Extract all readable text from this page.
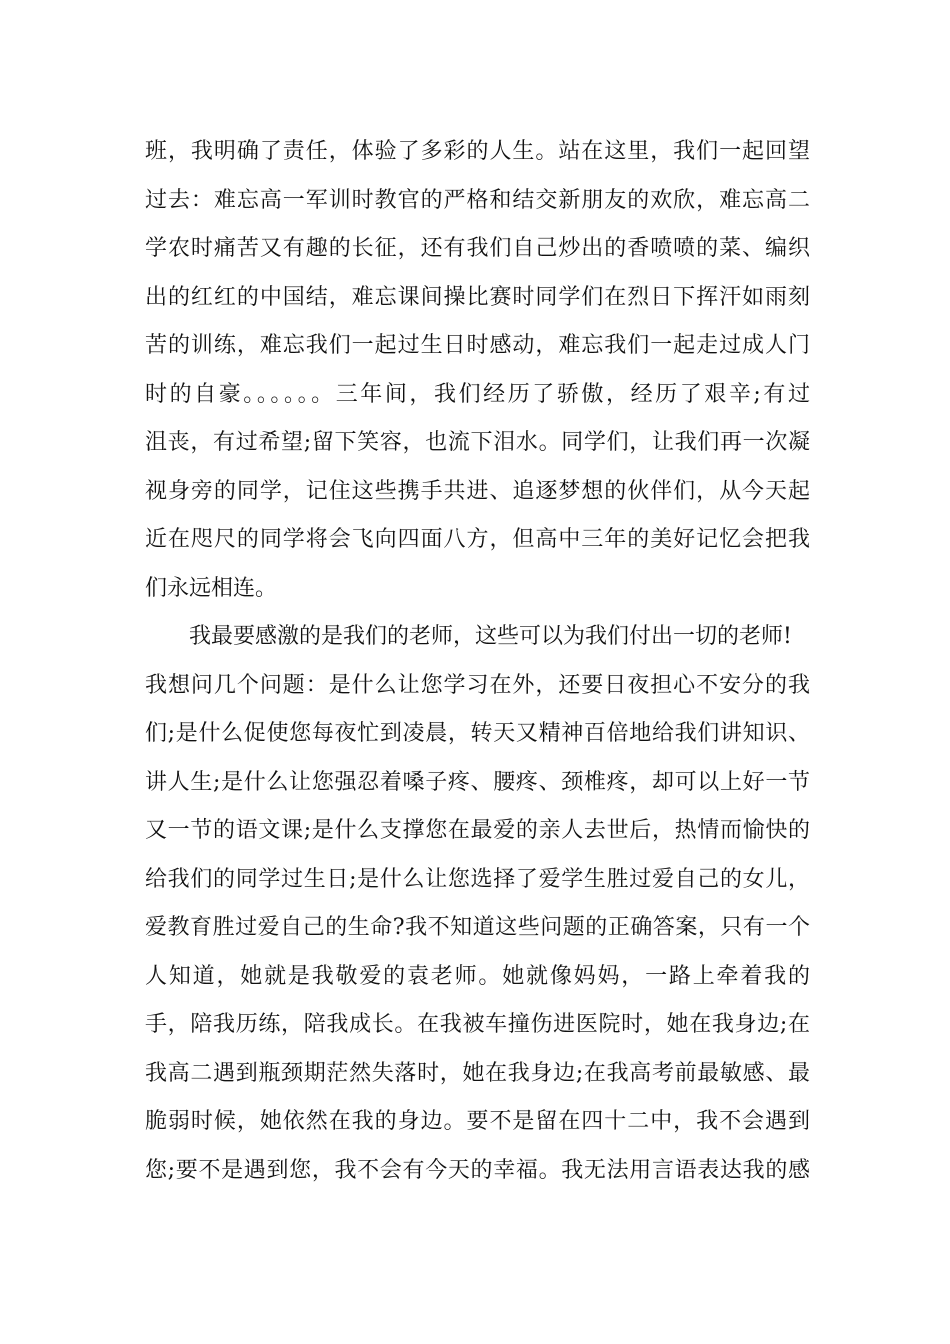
班，我明确了责任，体验了多彩的人生。站在这里，我们一起回望
过去：难忘高一军训时教官的严格和结交新朋友的欢欣，难忘高二
学农时痛苦又有趣的长征，还有我们自己炒出的香喷喷的菜、编织
出的红红的中国结，难忘课间操比赛时同学们在烈日下挥汗如雨刻
苦的训练，难忘我们一起过生日时感动，难忘我们一起走过成人门
时的自豪。。。。。。三年间，我们经历了骄傲，经历了艰辛;有过
沮丧，有过希望;留下笑容，也流下泪水。同学们，让我们再一次凝
视身旁的同学，记住这些携手共进、追逐梦想的伙伴们，从今天起
近在咫尺的同学将会飞向四面八方，但高中三年的美好记忆会把我
们永远相连。
　　我最要感激的是我们的老师，这些可以为我们付出一切的老师!
我想问几个问题：是什么让您学习在外，还要日夜担心不安分的我
们;是什么促使您每夜忙到凌晨，转天又精神百倍地给我们讲知识、
讲人生;是什么让您强忍着嗓子疼、腰疼、颈椎疼，却可以上好一节
又一节的语文课;是什么支撑您在最爱的亲人去世后，热情而愉快的
给我们的同学过生日;是什么让您选择了爱学生胜过爱自己的女儿，
爱教育胜过爱自己的生命?我不知道这些问题的正确答案，只有一个
人知道，她就是我敬爱的袁老师。她就像妈妈，一路上牵着我的
手，陪我历练，陪我成长。在我被车撞伤进医院时，她在我身边;在
我高二遇到瓶颈期茫然失落时，她在我身边;在我高考前最敏感、最
脆弱时候，她依然在我的身边。要不是留在四十二中，我不会遇到
您;要不是遇到您，我不会有今天的幸福。我无法用言语表达我的感
